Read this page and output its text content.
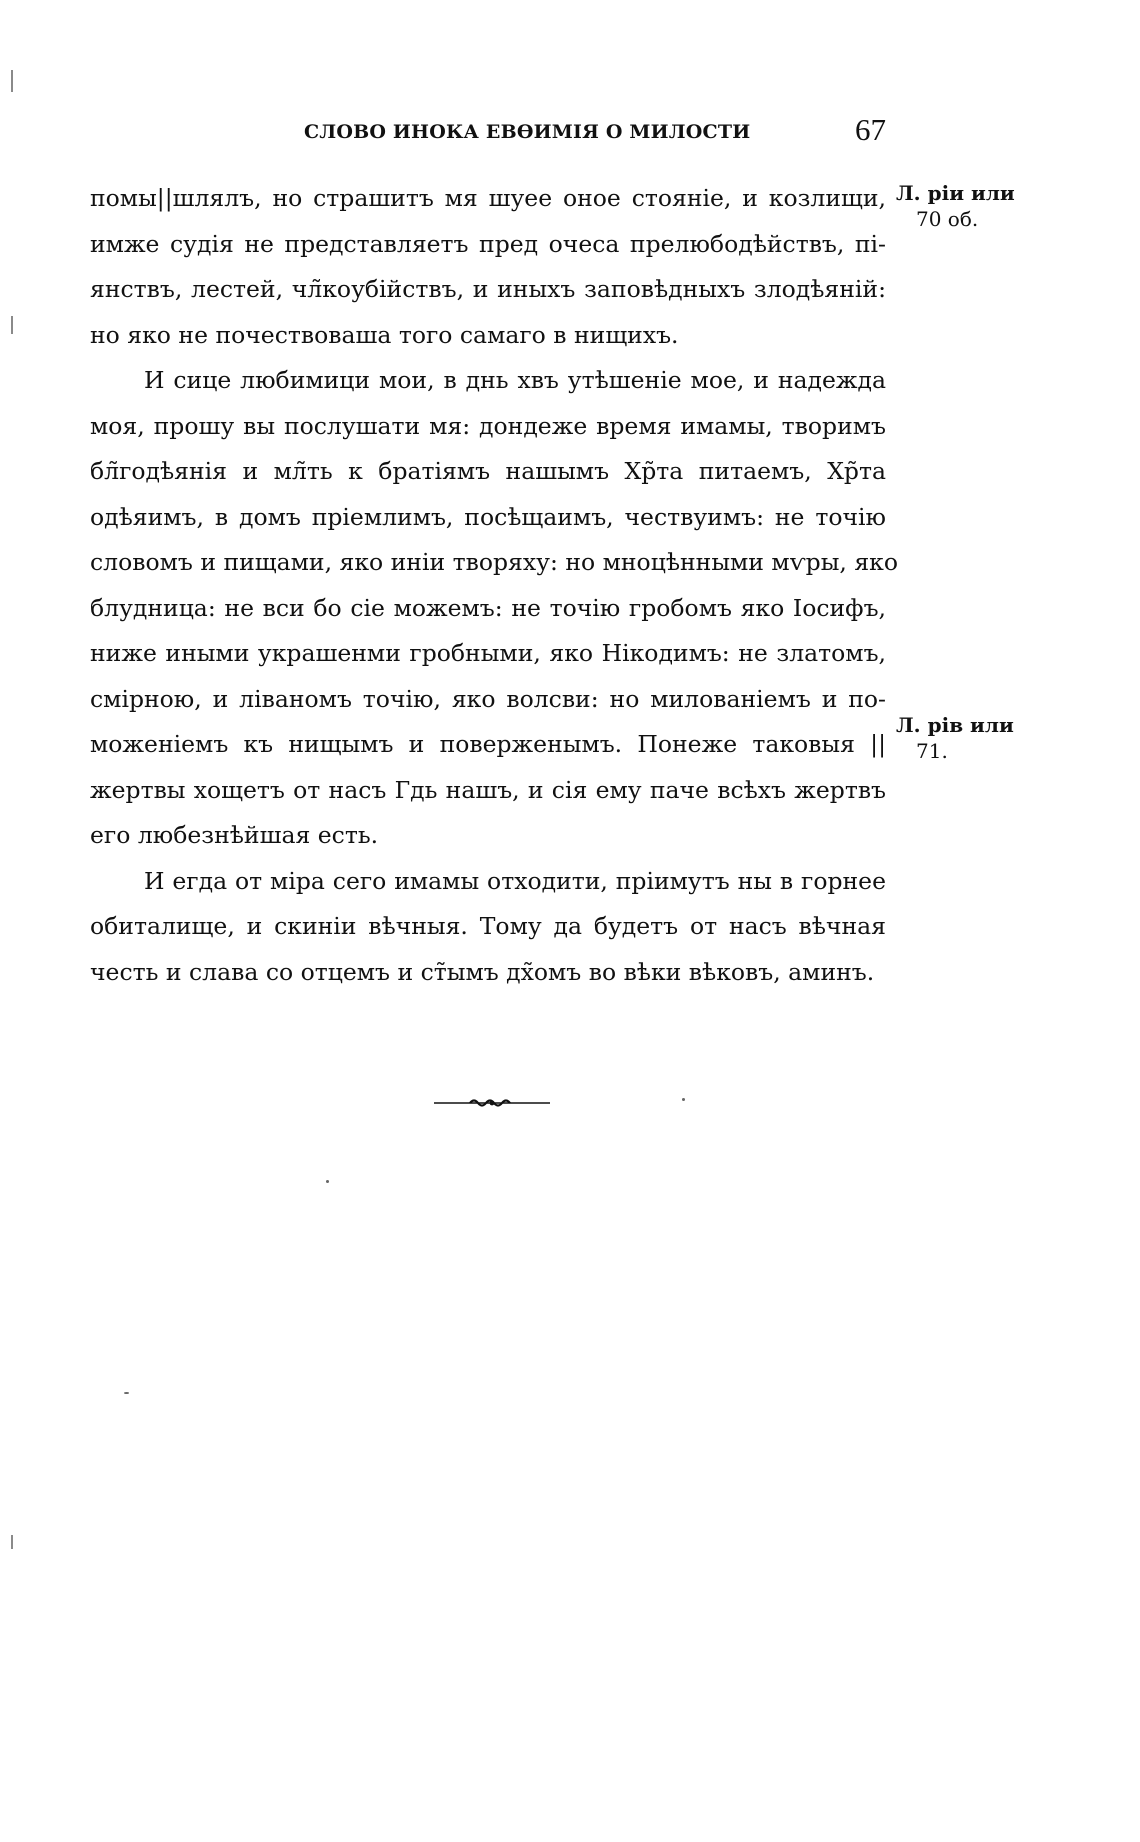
СЛОВО ИНОКА ЕВѲИМІЯ О МИЛОСТИ	67
помы||шлялъ, но страшитъ мя шуее оное стояніе, и козлищи,
имже судія не представляетъ пред очеса прелюбодѣйствъ, пі-
янствъ, лестей, чл̃коубійствъ, и иныхъ заповѣдныхъ злодѣяній:
но яко не почествоваша того самаго в нищихъ.
И сице любимици мои, в днь хвъ утѣшеніе мое, и надежда
моя, прошу вы послушати мя: дондеже время имамы, творимъ
бл̃годѣянія и мл̃ть к братіямъ нашымъ Хр̃та питаемъ, Хр̃та
одѣяимъ, в домъ пріемлимъ, посѣщаимъ, чествуимъ: не точію
словомъ и пищами, яко иніи творяху: но мноцѣнными мѵры, яко
блудница: не вси бо сіе можемъ: не точію гробомъ яко Іосифъ,
ниже иными украшенми гробными, яко Нікодимъ: не златомъ,
смірною, и ліваномъ точію, яко волсви: но милованіемъ и по-
моженіемъ къ нищымъ и поверженымъ. Понеже таковыя ||
жертвы хощетъ от насъ Гдь нашъ, и сія ему паче всѣхъ жертвъ
его любезнѣйшая есть.
И егда от міра сего имамы отходити, пріимутъ ны в горнее
обиталище, и скиніи вѣчныя. Тому да будетъ от насъ вѣчная
честь и слава со отцемъ и ст̃ымъ дх̃омъ во вѣки вѣковъ, аминъ.
Л. ріи или
70 об.
Л. рів или
71.
